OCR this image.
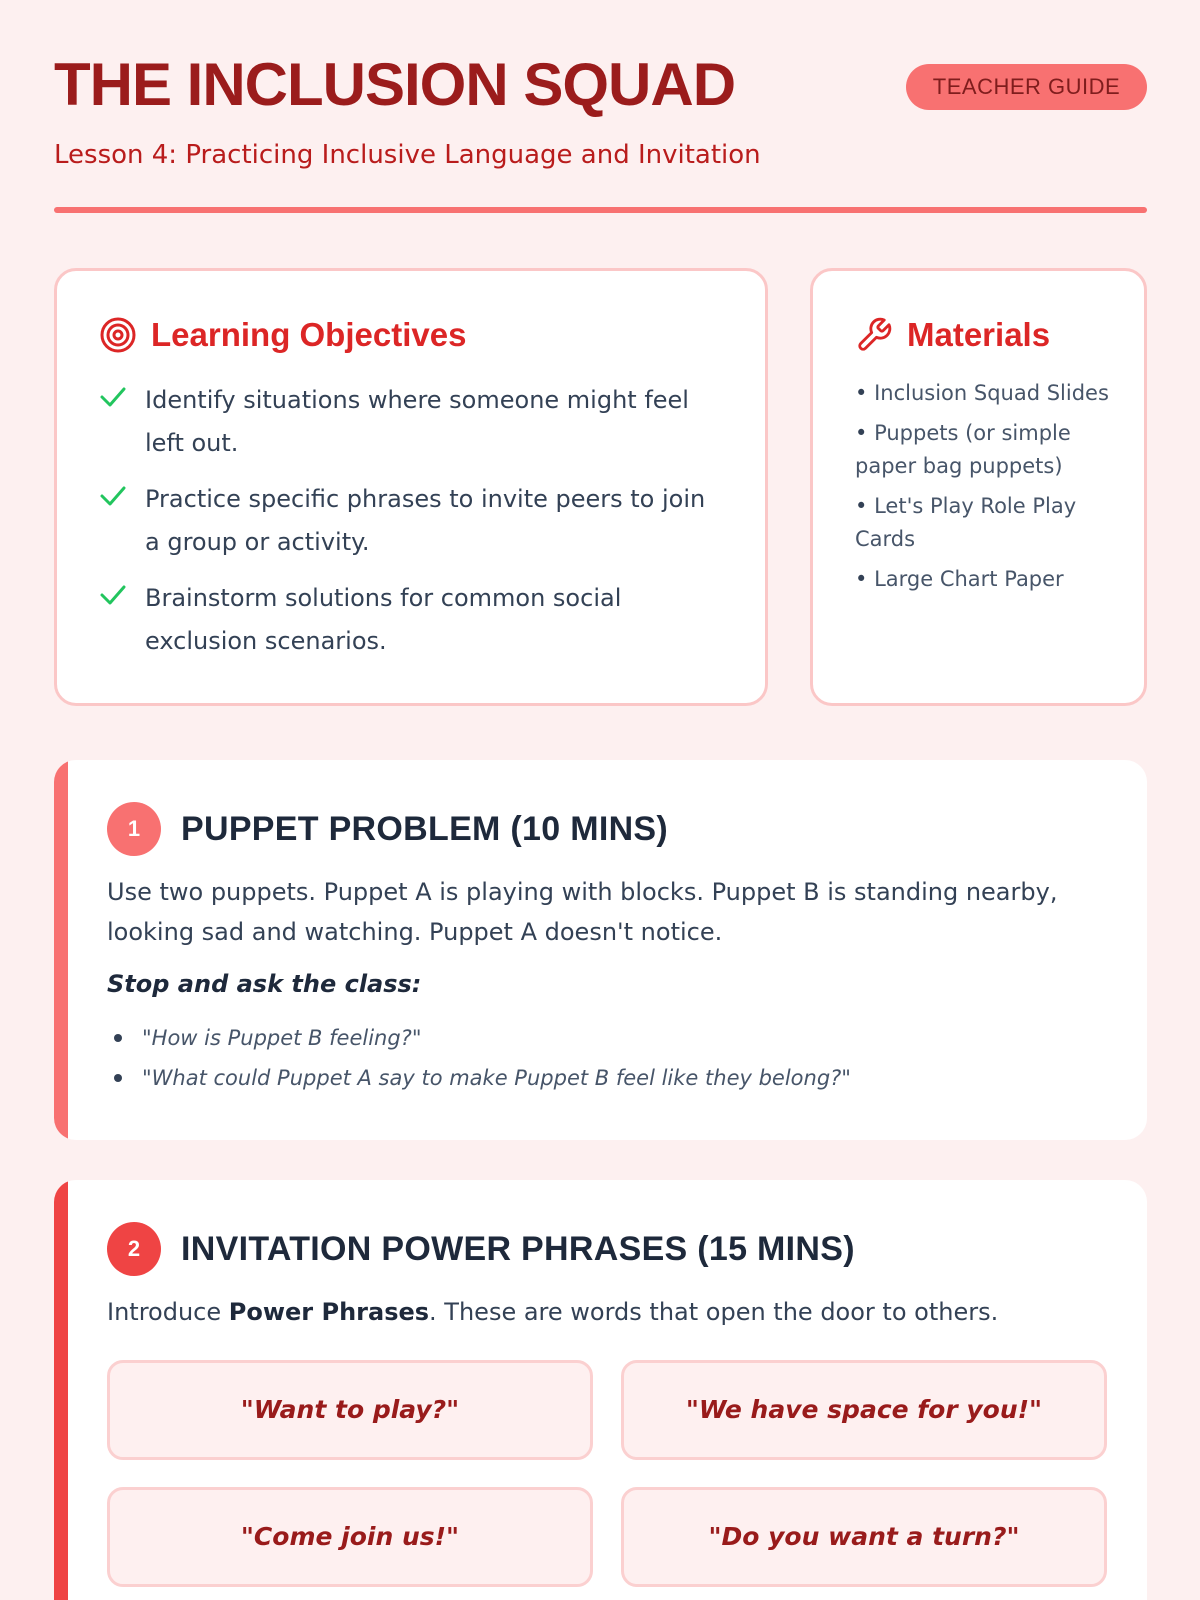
THE INCLUSION SQUAD	TEACHER GUIDE
Lesson 4: Practicing Inclusive Language and Invitation
Learning Objectives
Identify situations where someone might feel left out.
Practice specific phrases to invite peers to join a group or activity.
Brainstorm solutions for common social exclusion scenarios.
Materials
• Inclusion Squad Slides
• Puppets (or simple paper bag puppets)
• Let's Play Role Play Cards
• Large Chart Paper
1	PUPPET PROBLEM (10 MINS)
Use two puppets. Puppet A is playing with blocks. Puppet B is standing nearby, looking sad and watching. Puppet A doesn't notice.
Stop and ask the class:
"How is Puppet B feeling?"
"What could Puppet A say to make Puppet B feel like they belong?"
2	INVITATION POWER PHRASES (15 MINS)
Introduce Power Phrases. These are words that open the door to others.
"Want to play?"	"We have space for you!"
"Come join us!"	"Do you want a turn?"
